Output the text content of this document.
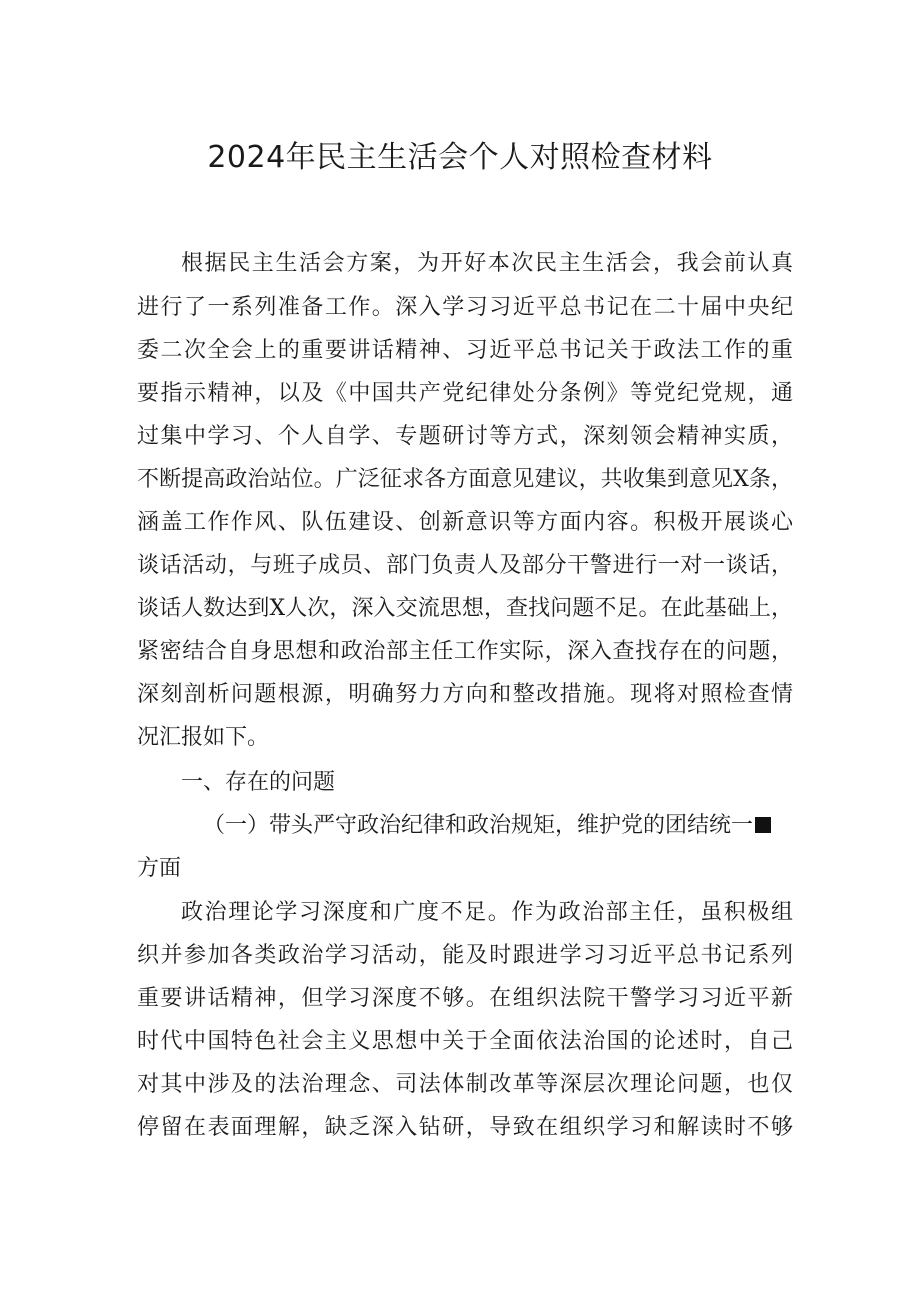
2024年民主生活会个人对照检查材料
根据民主生活会方案，为开好本次民主生活会，我会前认真
进行了一系列准备工作。深入学习习近平总书记在二十届中央纪
委二次全会上的重要讲话精神、习近平总书记关于政法工作的重
要指示精神，以及《中国共产党纪律处分条例》等党纪党规，通
过集中学习、个人自学、专题研讨等方式，深刻领会精神实质，
不断提高政治站位。广泛征求各方面意见建议，共收集到意见X条，
涵盖工作作风、队伍建设、创新意识等方面内容。积极开展谈心
谈话活动，与班子成员、部门负责人及部分干警进行一对一谈话，
谈话人数达到X人次，深入交流思想，查找问题不足。在此基础上，
紧密结合自身思想和政治部主任工作实际，深入查找存在的问题，
深刻剖析问题根源，明确努力方向和整改措施。现将对照检查情
况汇报如下。
一、存在的问题
（一）带头严守政治纪律和政治规矩，维护党的团结统一
方面
政治理论学习深度和广度不足。作为政治部主任，虽积极组
织并参加各类政治学习活动，能及时跟进学习习近平总书记系列
重要讲话精神，但学习深度不够。在组织法院干警学习习近平新
时代中国特色社会主义思想中关于全面依法治国的论述时，自己
对其中涉及的法治理念、司法体制改革等深层次理论问题，也仅
停留在表面理解，缺乏深入钻研，导致在组织学习和解读时不够
